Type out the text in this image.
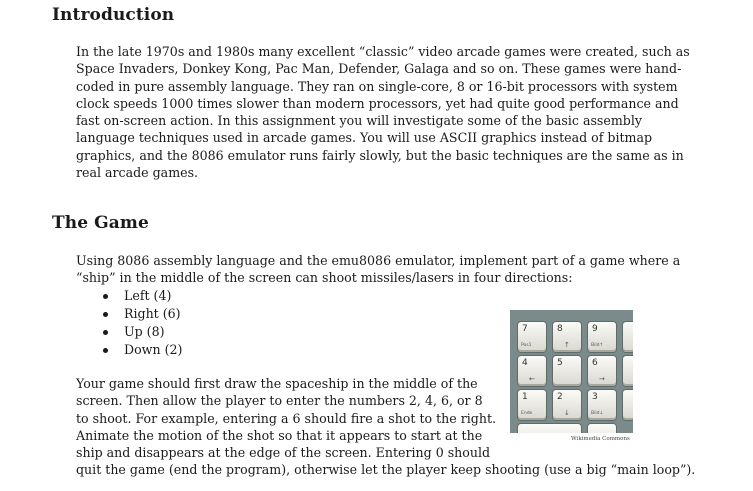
Introduction

In the late 1970s and 1980s many excellent “classic” video arcade games were created, such as
Space Invaders, Donkey Kong, Pac Man, Defender, Galaga and so on. These games were hand-
coded in pure assembly language. They ran on single-core, 8 or 16-bit processors with system
clock speeds 1000 times slower than modern processors, yet had quite good performance and
fast on-screen action. In this assignment you will investigate some of the basic assembly
language techniques used in arcade games. You will use ASCII graphics instead of bitmap
graphics, and the 8086 emulator runs fairly slowly, but the basic techniques are the same as in
real arcade games.

The Game

Using 8086 assembly language and the emu8086 emulator, implement part of a game where a
“ship” in the middle of the screen can shoot missiles/lasers in four directions:

Left (4)
Right (6)
Up (8)
Down (2)

Your game should first draw the spaceship in the middle of the
screen. Then allow the player to enter the numbers 2, 4, 6, or 8
to shoot. For example, entering a 6 should fire a shot to the right.
Animate the motion of the shot so that it appears to start at the
ship and disappears at the edge of the screen. Entering 0 should
quit the game (end the program), otherwise let the player keep shooting (use a big “main loop”).

7
Pos1
8
↑
9
Bild↑
4
←
5	6
→
1
Ende
2
↓
3
Bild↓
Wikimedia Commons
